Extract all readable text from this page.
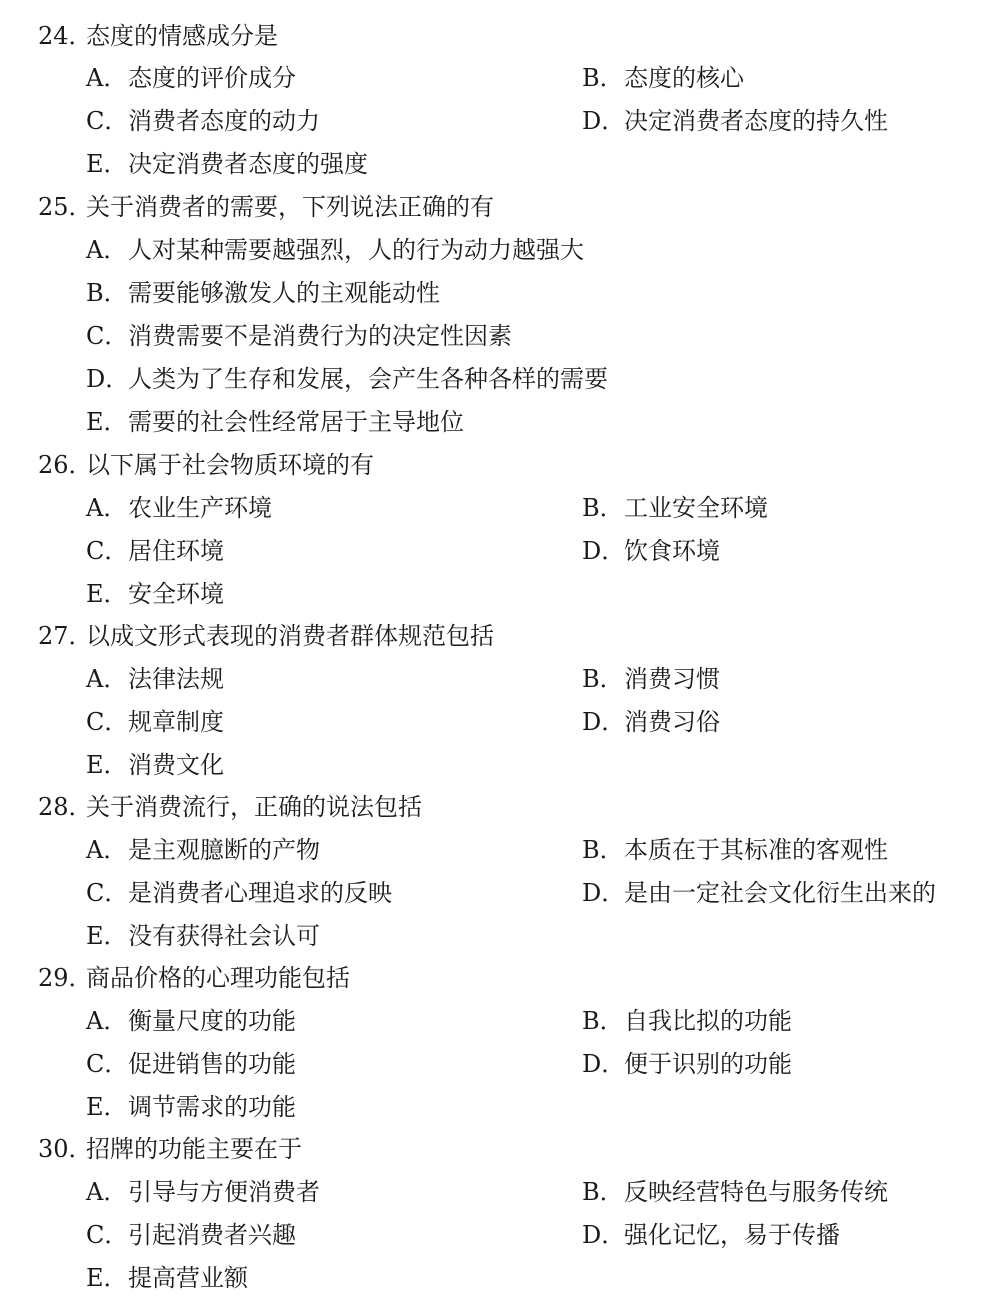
24．
态度的情感成分是
A．态度的评价成分	B．态度的核心
C．消费者态度的动力	D．决定消费者态度的持久性
E．决定消费者态度的强度
25．
关于消费者的需要，下列说法正确的有
A．人对某种需要越强烈，人的行为动力越强大
B．需要能够激发人的主观能动性
C．消费需要不是消费行为的决定性因素
D．人类为了生存和发展，会产生各种各样的需要
E．需要的社会性经常居于主导地位
26．
以下属于社会物质环境的有
A．农业生产环境	B．工业安全环境
C．居住环境	D．饮食环境
E．安全环境
27．
以成文形式表现的消费者群体规范包括
A．法律法规	B．消费习惯
C．规章制度	D．消费习俗
E．消费文化
28．
关于消费流行，正确的说法包括
A．是主观臆断的产物	B．本质在于其标准的客观性
C．是消费者心理追求的反映	D．是由一定社会文化衍生出来的
E．没有获得社会认可
29．
商品价格的心理功能包括
A．衡量尺度的功能	B．自我比拟的功能
C．促进销售的功能	D．便于识别的功能
E．调节需求的功能
30．
招牌的功能主要在于
A．引导与方便消费者	B．反映经营特色与服务传统
C．引起消费者兴趣	D．强化记忆，易于传播
E．提高营业额
